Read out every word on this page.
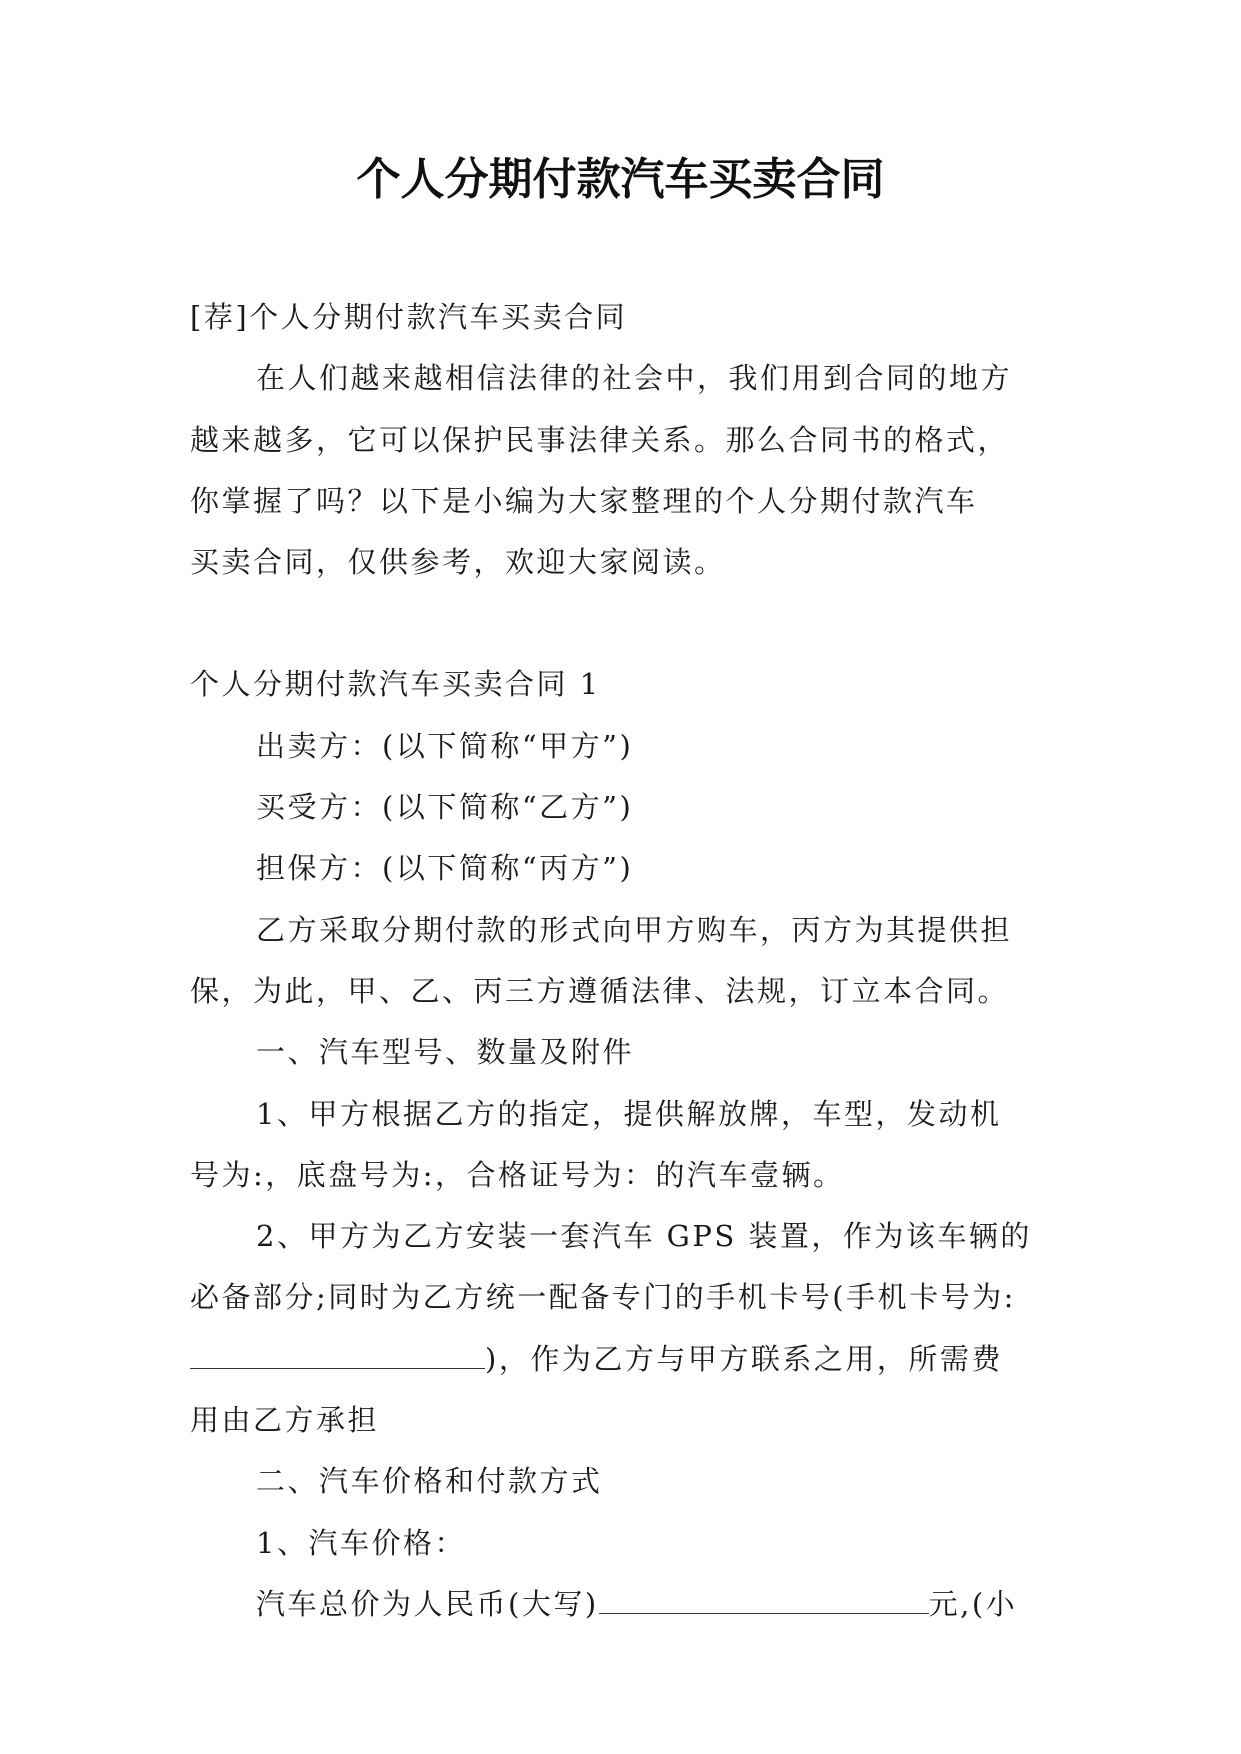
个人分期付款汽车买卖合同

[荐]个人分期付款汽车买卖合同

在人们越来越相信法律的社会中，我们用到合同的地方

越来越多，它可以保护民事法律关系。那么合同书的格式，

你掌握了吗？以下是小编为大家整理的个人分期付款汽车

买卖合同，仅供参考，欢迎大家阅读。

个人分期付款汽车买卖合同 1

出卖方：(以下简称“甲方”)

买受方：(以下简称“乙方”)

担保方：(以下简称“丙方”)

乙方采取分期付款的形式向甲方购车，丙方为其提供担

保，为此，甲、乙、丙三方遵循法律、法规，订立本合同。

一、汽车型号、数量及附件

1、甲方根据乙方的指定，提供解放牌，车型，发动机

号为:，底盘号为:，合格证号为：的汽车壹辆。

2、甲方为乙方安装一套汽车 GPS 装置，作为该车辆的

必备部分;同时为乙方统一配备专门的手机卡号(手机卡号为:

)，作为乙方与甲方联系之用，所需费

用由乙方承担

二、汽车价格和付款方式

1、汽车价格：

汽车总价为人民币(大写)	元,(小
